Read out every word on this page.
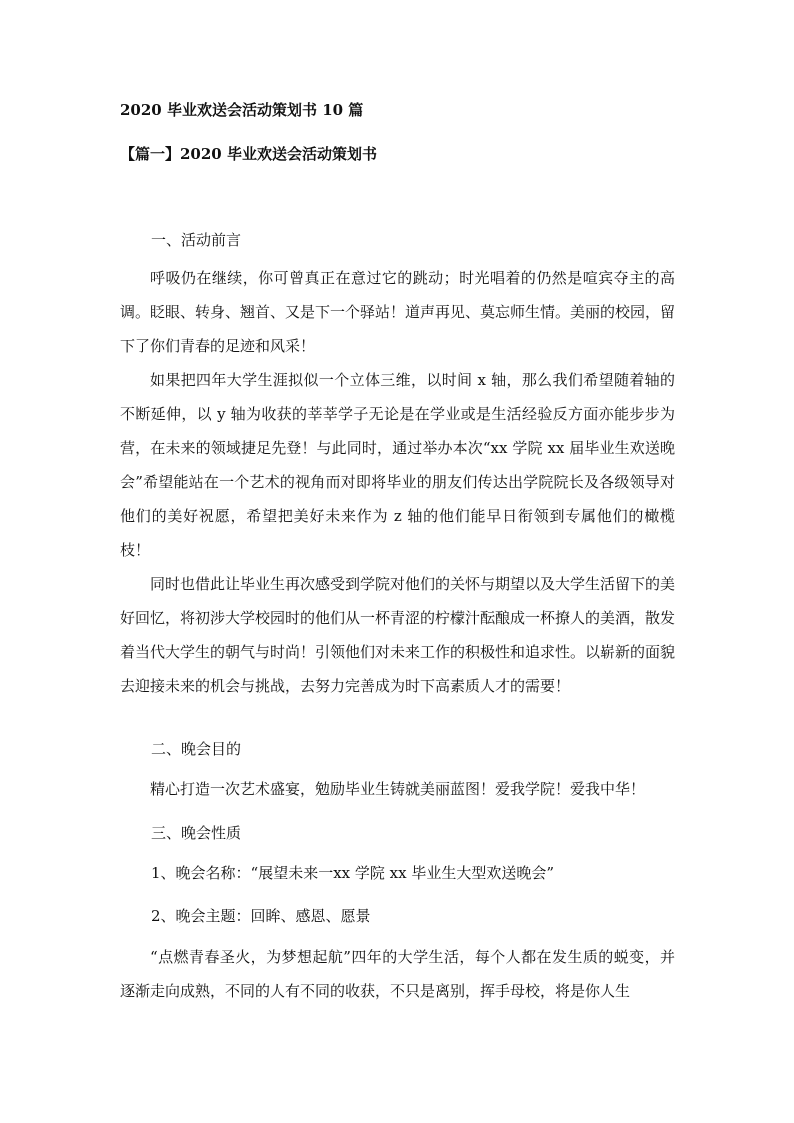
2020 毕业欢送会活动策划书 10 篇
【篇一】2020 毕业欢送会活动策划书
一、活动前言

呼吸仍在继续，你可曾真正在意过它的跳动；时光唱着的仍然是喧宾夺主的高调。眨眼、转身、翘首、又是下一个驿站！道声再见、莫忘师生情。美丽的校园，留下了你们青春的足迹和风采！

如果把四年大学生涯拟似一个立体三维，以时间 x 轴，那么我们希望随着轴的不断延伸，以 y 轴为收获的莘莘学子无论是在学业或是生活经验反方面亦能步步为营，在未来的领域捷足先登！与此同时，通过举办本次“xx 学院 xx 届毕业生欢送晚会”希望能站在一个艺术的视角而对即将毕业的朋友们传达出学院院长及各级领导对他们的美好祝愿，希望把美好未来作为 z 轴的他们能早日衔领到专属他们的橄榄枝！

同时也借此让毕业生再次感受到学院对他们的关怀与期望以及大学生活留下的美好回忆，将初涉大学校园时的他们从一杯青涩的柠檬汁酝酿成一杯撩人的美酒，散发着当代大学生的朝气与时尚！引领他们对未来工作的积极性和追求性。以崭新的面貌去迎接未来的机会与挑战，去努力完善成为时下高素质人才的需要！

二、晚会目的

精心打造一次艺术盛宴，勉励毕业生铸就美丽蓝图！爱我学院！爱我中华！

三、晚会性质
1、晚会名称：“展望未来一xx 学院 xx 毕业生大型欢送晚会”
2、晚会主题：回眸、感恩、愿景

“点燃青春圣火，为梦想起航”四年的大学生活，每个人都在发生质的蜕变，并逐渐走向成熟，不同的人有不同的收获，不只是离别，挥手母校，将是你人生
